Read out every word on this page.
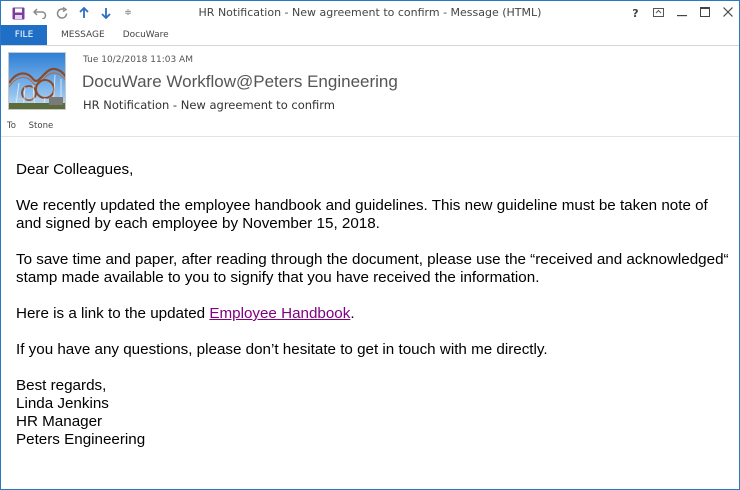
≑	HR Notification - New agreement to confirm - Message (HTML)	?
FILE	MESSAGE	DocuWare
Tue 10/2/2018 11:03 AM
DocuWare Workflow@Peters Engineering
HR Notification - New agreement to confirm
To Stone

Dear Colleagues,

We recently updated the employee handbook and guidelines. This new guideline must be taken note of and signed by each employee by November 15, 2018.

To save time and paper, after reading through the document, please use the “received and acknowledged“ stamp made available to you to signify that you have received the information.

Here is a link to the updated Employee Handbook.

If you have any questions, please don’t hesitate to get in touch with me directly.

Best regards,
Linda Jenkins
HR Manager
Peters Engineering
